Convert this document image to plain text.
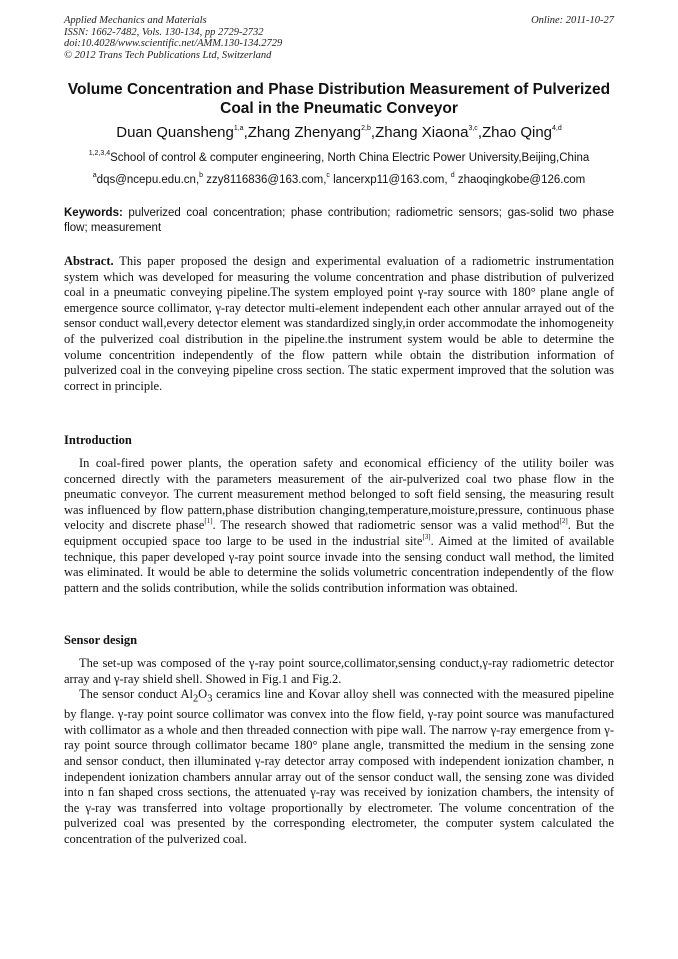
Applied Mechanics and Materials
ISSN: 1662-7482, Vols. 130-134, pp 2729-2732
doi:10.4028/www.scientific.net/AMM.130-134.2729
© 2012 Trans Tech Publications Ltd, Switzerland
Online: 2011-10-27
Volume Concentration and Phase Distribution Measurement of Pulverized Coal in the Pneumatic Conveyor
Duan Quansheng$^{1,a}$,Zhang Zhenyang$^{2,b}$,Zhang Xiaona$^{3,c}$,Zhao Qing$^{4,d}$
$^{1,2,3,4}$School of control & computer engineering, North China Electric Power University,Beijing,China
$^a$dqs@ncepu.edu.cn,$^b$ zzy8116836@163.com,$^c$ lancerxp11@163.com, $^d$ zhaoqingkobe@126.com
Keywords: pulverized coal concentration; phase contribution; radiometric sensors; gas-solid two phase flow; measurement
Abstract. This paper proposed the design and experimental evaluation of a radiometric instrumentation system which was developed for measuring the volume concentration and phase distribution of pulverized coal in a pneumatic conveying pipeline.The system employed point γ-ray source with 180° plane angle of emergence source collimator, γ-ray detector multi-element independent each other annular arrayed out of the sensor conduct wall,every detector element was standardized singly,in order accommodate the inhomogeneity of the pulverized coal distribution in the pipeline.the instrument system would be able to determine the volume concentrition independently of the flow pattern while obtain the distribution information of pulverized coal in the conveying pipeline cross section. The static experment improved that the solution was correct in principle.
Introduction

In coal-fired power plants, the operation safety and economical efficiency of the utility boiler was concerned directly with the parameters measurement of the air-pulverized coal two phase flow in the pneumatic conveyor. The current measurement method belonged to soft field sensing, the measuring result was influenced by flow pattern,phase distribution changing,temperature,moisture,pressure, continuous phase velocity and discrete phase[1]. The research showed that radiometric sensor was a valid method[2]. But the equipment occupied space too large to be used in the industrial site[3]. Aimed at the limited of available technique, this paper developed γ-ray point source invade into the sensing conduct wall method, the limited was eliminated. It would be able to determine the solids volumetric concentration independently of the flow pattern and the solids contribution, while the solids contribution information was obtained.

Sensor design

The set-up was composed of the γ-ray point source,collimator,sensing conduct,γ-ray radiometric detector array and γ-ray shield shell. Showed in Fig.1 and Fig.2.

The sensor conduct $Al_2O_3$ ceramics line and Kovar alloy shell was connected with the measured pipeline by flange. γ-ray point source collimator was convex into the flow field, γ-ray point source was manufactured with collimator as a whole and then threaded connection with pipe wall. The narrow γ-ray emergence from γ-ray point source through collimator became 180° plane angle, transmitted the medium in the sensing zone and sensor conduct, then illuminated γ-ray detector array composed with independent ionization chamber, n independent ionization chambers annular array out of the sensor conduct wall, the sensing zone was divided into n fan shaped cross sections, the attenuated γ-ray was received by ionization chambers, the intensity of the γ-ray was transferred into voltage proportionally by electrometer. The volume concentration of the pulverized coal was presented by the corresponding electrometer, the computer system calculated the concentration of the pulverized coal.
